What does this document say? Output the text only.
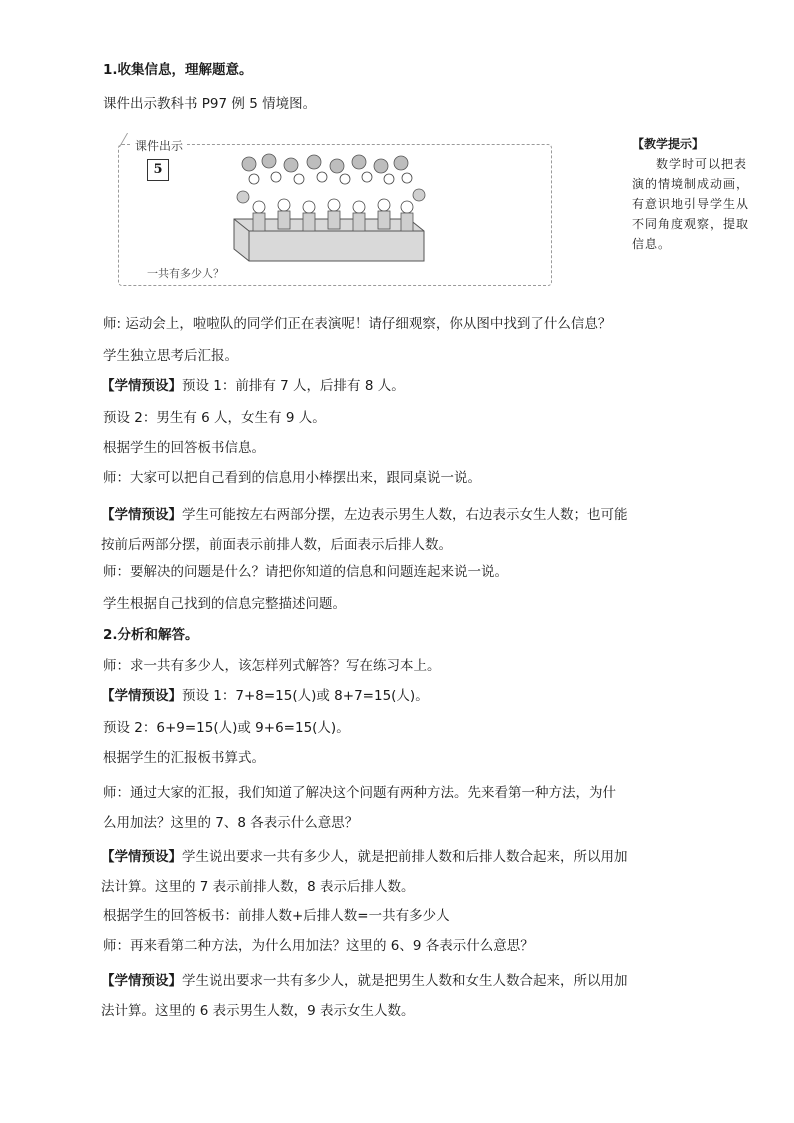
1.收集信息，理解题意。
课件出示教科书 P97 例 5 情境图。
课件出示
5
一共有多少人？
师: 运动会上，啦啦队的同学们正在表演呢！请仔细观察，你从图中找到了什么信息？
学生独立思考后汇报。
【学情预设】预设 1：前排有 7 人，后排有 8 人。
预设 2：男生有 6 人，女生有 9 人。
根据学生的回答板书信息。
师：大家可以把自己看到的信息用小棒摆出来，跟同桌说一说。
【学情预设】学生可能按左右两部分摆，左边表示男生人数，右边表示女生人数；也可能按前后两部分摆，前面表示前排人数，后面表示后排人数。
师：要解决的问题是什么？请把你知道的信息和问题连起来说一说。
学生根据自己找到的信息完整描述问题。
2.分析和解答。
师：求一共有多少人，该怎样列式解答？写在练习本上。
【学情预设】预设 1：7+8=15(人)或 8+7=15(人)。
预设 2：6+9=15(人)或 9+6=15(人)。
根据学生的汇报板书算式。
师：通过大家的汇报，我们知道了解决这个问题有两种方法。先来看第一种方法，为什么用加法？这里的 7、8 各表示什么意思？
【学情预设】学生说出要求一共有多少人，就是把前排人数和后排人数合起来，所以用加法计算。这里的 7 表示前排人数，8 表示后排人数。
根据学生的回答板书：前排人数+后排人数=一共有多少人
师：再来看第二种方法，为什么用加法？这里的 6、9 各表示什么意思？
【学情预设】学生说出要求一共有多少人，就是把男生人数和女生人数合起来，所以用加法计算。这里的 6 表示男生人数，9 表示女生人数。
【教学提示】
数学时可以把表演的情境制成动画，有意识地引导学生从不同角度观察，提取信息。
